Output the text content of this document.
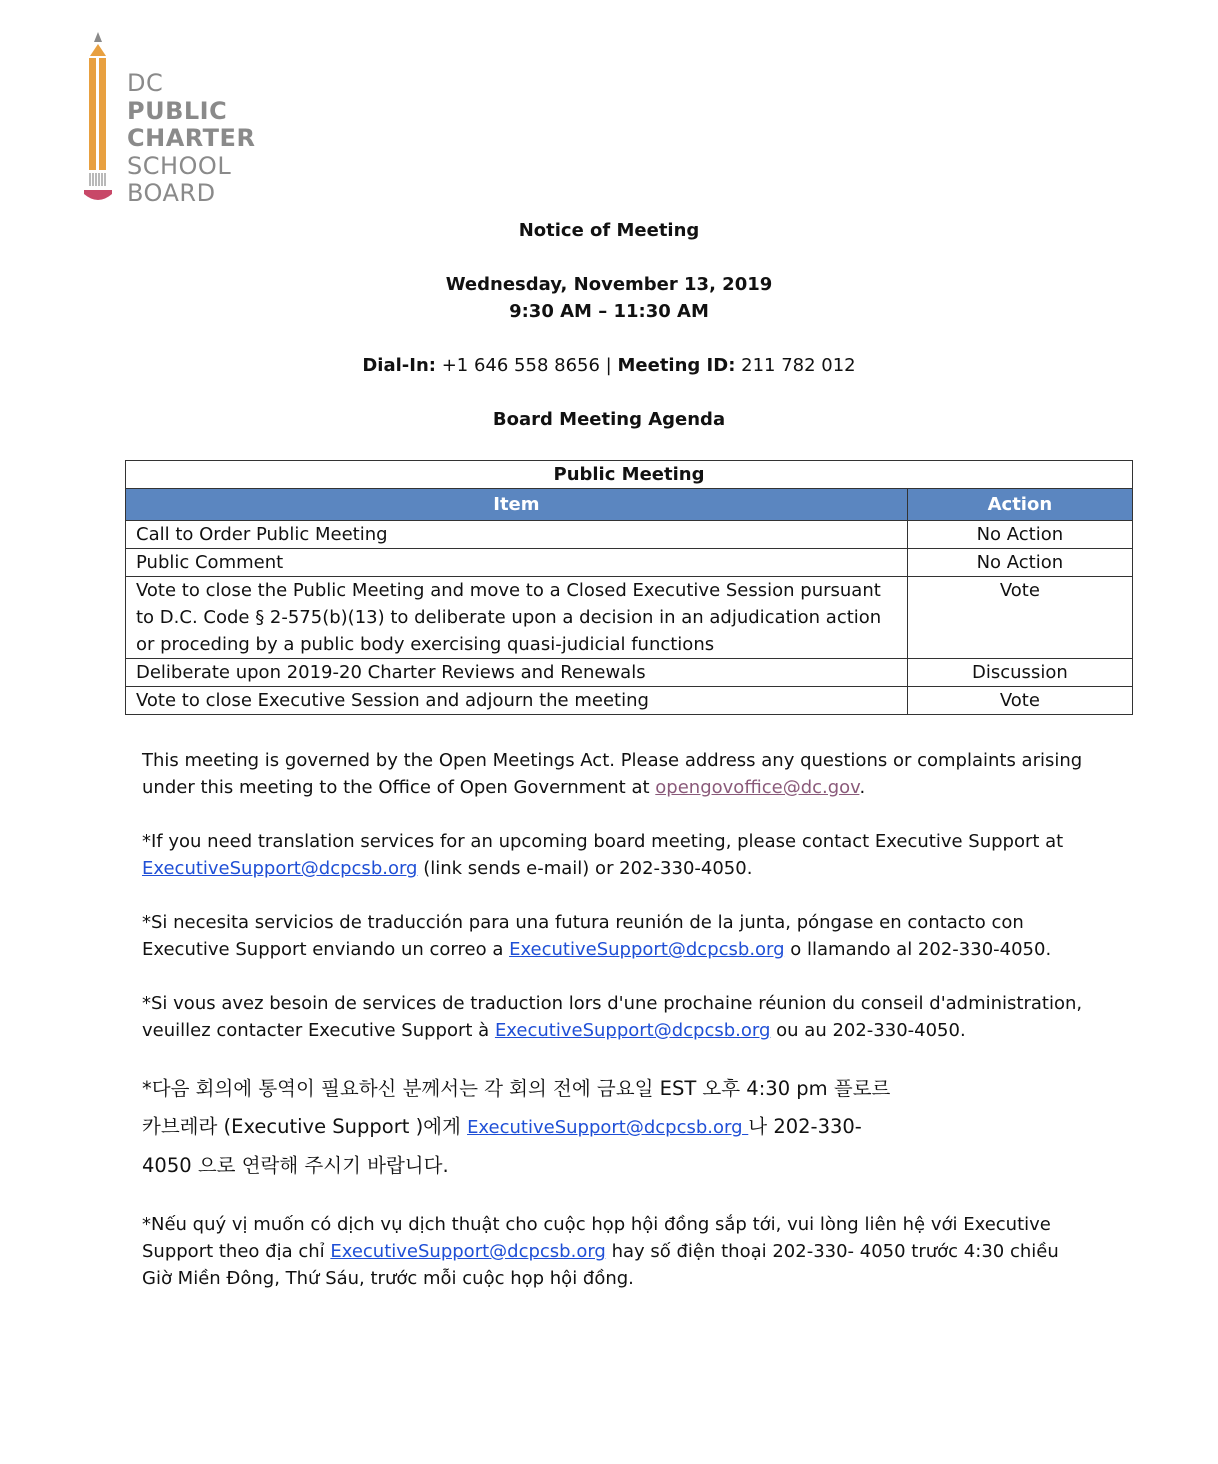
DC
PUBLIC
CHARTER
SCHOOL
BOARD
Notice of Meeting
Wednesday, November 13, 2019
9:30 AM – 11:30 AM
Dial-In: +1 646 558 8656 | Meeting ID: 211 782 012
Board Meeting Agenda
Public Meeting	
Item	Action
Call to Order Public Meeting	No Action
Public Comment	No Action
Vote to close the Public Meeting and move to a Closed Executive Session pursuant to D.C. Code § 2-575(b)(13) to deliberate upon a decision in an adjudication action or proceding by a public body exercising quasi-judicial functions	Vote
Deliberate upon 2019-20 Charter Reviews and Renewals	Discussion
Vote to close Executive Session and adjourn the meeting	Vote
This meeting is governed by the Open Meetings Act. Please address any questions or complaints arising
under this meeting to the Office of Open Government at opengovoffice@dc.gov.
*If you need translation services for an upcoming board meeting, please contact Executive Support at
ExecutiveSupport@dcpcsb.org (link sends e-mail) or 202-330-4050.
*Si necesita servicios de traducción para una futura reunión de la junta, póngase en contacto con
Executive Support enviando un correo a ExecutiveSupport@dcpcsb.org o llamando al 202-330-4050.
*Si vous avez besoin de services de traduction lors d'une prochaine réunion du conseil d'administration,
veuillez contacter Executive Support à ExecutiveSupport@dcpcsb.org ou au 202-330-4050.
*다음 회의에 통역이 필요하신 분께서는 각 회의 전에 금요일 EST 오후 4:30 pm 플로르
카브레라 (Executive Support )에게 ExecutiveSupport@dcpcsb.org 나 202-330-
4050 으로 연락해 주시기 바랍니다.
*Nếu quý vị muốn có dịch vụ dịch thuật cho cuộc họp hội đồng sắp tới, vui lòng liên hệ với Executive
Support theo địa chỉ ExecutiveSupport@dcpcsb.org hay số điện thoại 202-330- 4050 trước 4:30 chiều
Giờ Miền Đông, Thứ Sáu, trước mỗi cuộc họp hội đồng.
